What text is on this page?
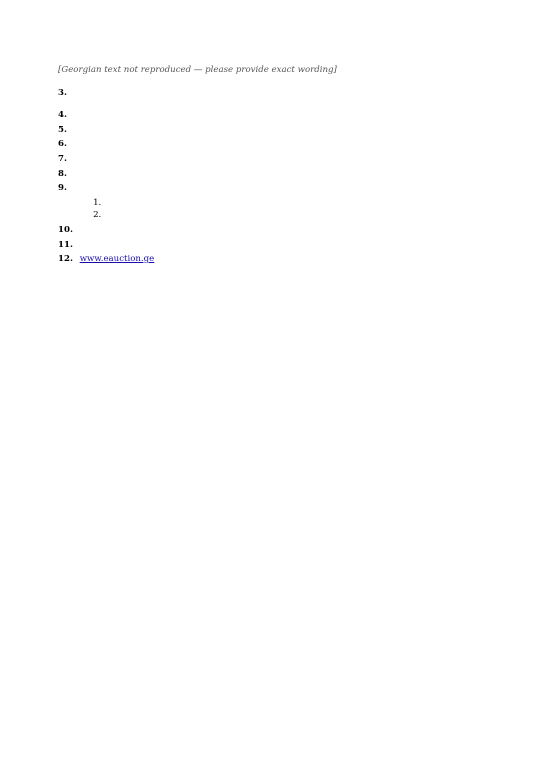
[Georgian text not reproduced — please provide exact wording]

3.

4.

5.

6.

7.

8.

9.

1.
2.

10.

11.

12. www.eauction.ge
